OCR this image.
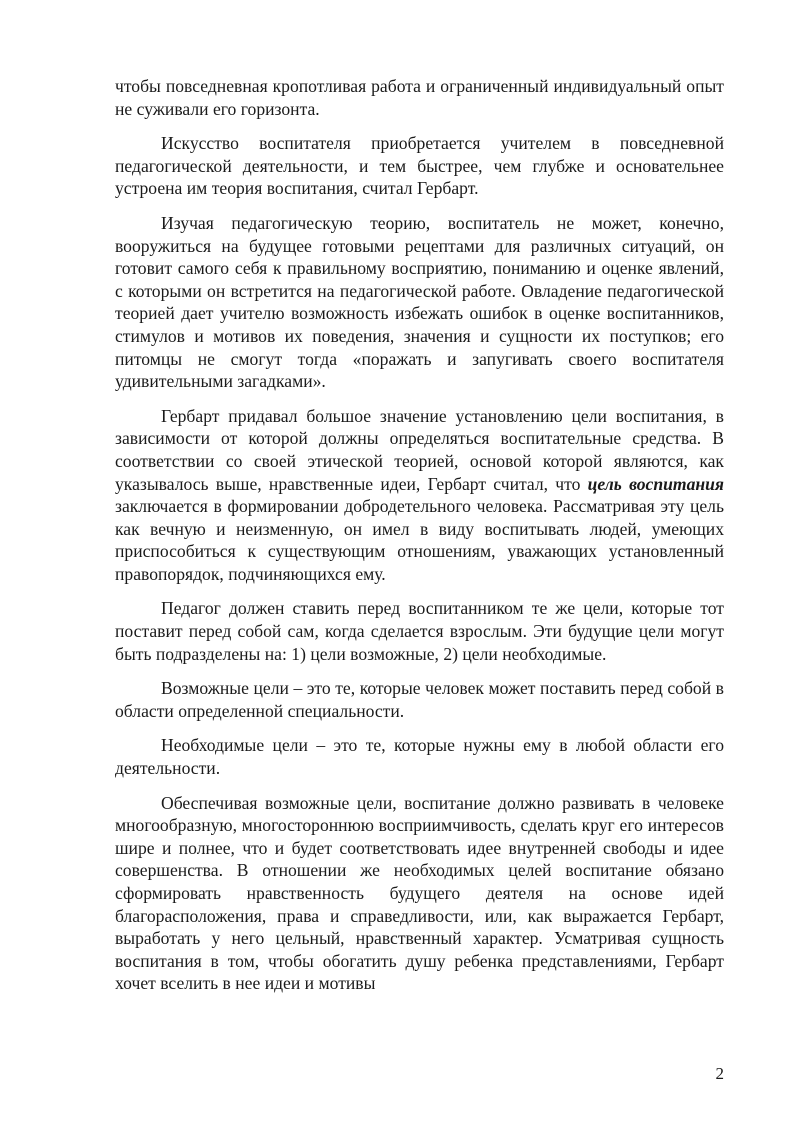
чтобы повседневная кропотливая работа и ограниченный индивидуальный опыт не суживали его горизонта.

Искусство воспитателя приобретается учителем в повседневной педагогической деятельности, и тем быстрее, чем глубже и основательнее устроена им теория воспитания, считал Гербарт.

Изучая педагогическую теорию, воспитатель не может, конечно, вооружиться на будущее готовыми рецептами для различных ситуаций, он готовит самого себя к правильному восприятию, пониманию и оценке явлений, с которыми он встретится на педагогической работе. Овладение педагогической теорией дает учителю возможность избежать ошибок в оценке воспитанников, стимулов и мотивов их поведения, значения и сущности их поступков; его питомцы не смогут тогда «поражать и запугивать своего воспитателя удивительными загадками».

Гербарт придавал большое значение установлению цели воспитания, в зависимости от которой должны определяться воспитательные средства. В соответствии со своей этической теорией, основой которой являются, как указывалось выше, нравственные идеи, Гербарт считал, что цель воспитания заключается в формировании добродетельного человека. Рассматривая эту цель как вечную и неизменную, он имел в виду воспитывать людей, умеющих приспособиться к существующим отношениям, уважающих установленный правопорядок, подчиняющихся ему.

Педагог должен ставить перед воспитанником те же цели, которые тот поставит перед собой сам, когда сделается взрослым. Эти будущие цели могут быть подразделены на: 1) цели возможные, 2) цели необходимые.

Возможные цели – это те, которые человек может поставить перед собой в области определенной специальности.

Необходимые цели – это те, которые нужны ему в любой области его деятельности.

Обеспечивая возможные цели, воспитание должно развивать в человеке многообразную, многостороннюю восприимчивость, сделать круг его интересов шире и полнее, что и будет соответствовать идее внутренней свободы и идее совершенства. В отношении же необходимых целей воспитание обязано сформировать нравственность будущего деятеля на основе идей благорасположения, права и справедливости, или, как выражается Гербарт, выработать у него цельный, нравственный характер. Усматривая сущность воспитания в том, чтобы обогатить душу ребенка представлениями, Гербарт хочет вселить в нее идеи и мотивы

2
